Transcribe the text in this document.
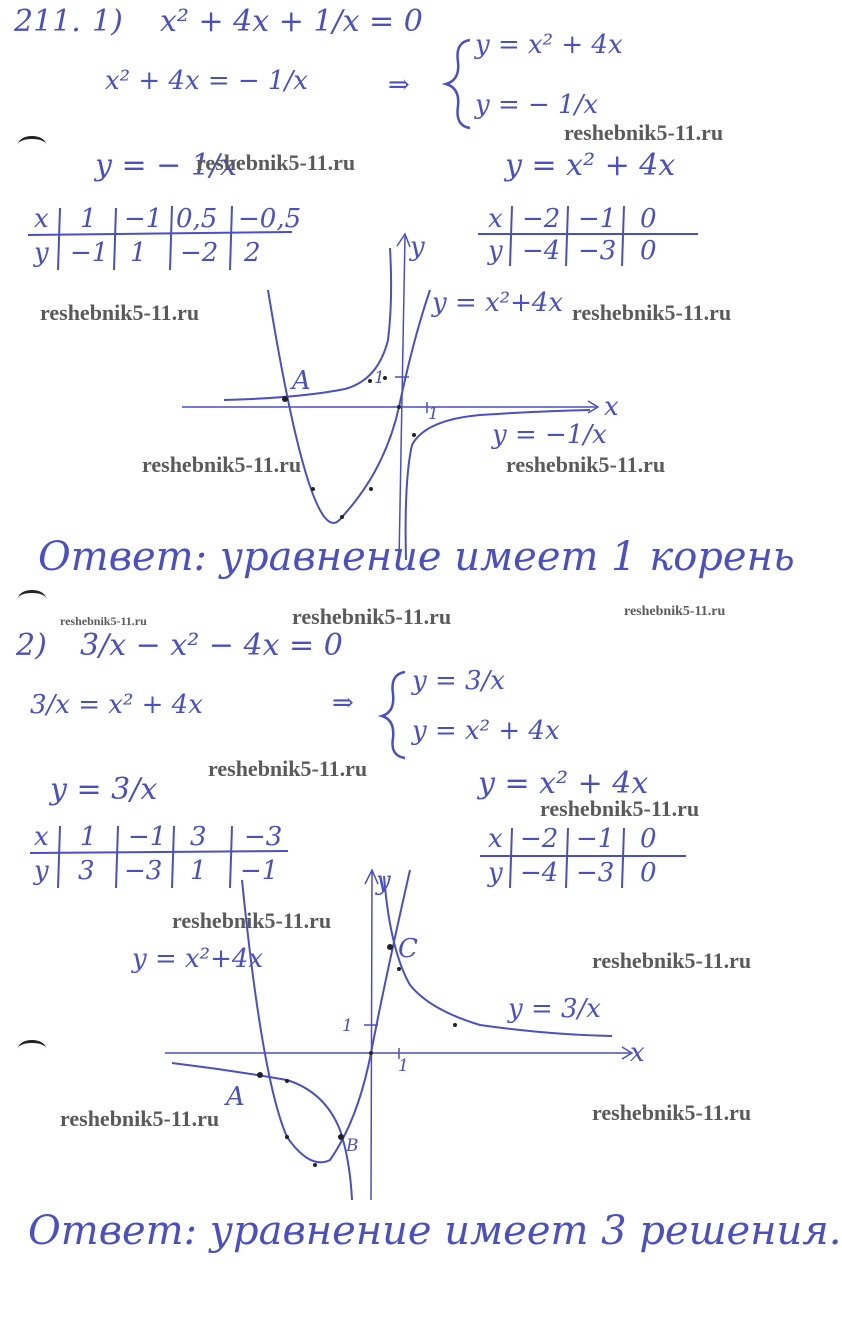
211. 1) x² + 4x + 1/x = 0
x² + 4x = − 1/x	⇒
y = x² + 4x
y = − 1/x
y = − 1/x	y = x² + 4x
x 1 −1 0,5 −0,5
y −1 1 −2 2
x −2 −1 0
y −4 −3 0
y
x
1
1
A
y = x²+4x
y = −1/x
Ответ: уравнение имеет 1 корень
2) 3/x − x² − 4x = 0
3/x = x² + 4x	⇒
y = 3/x
y = x² + 4x
y = 3/x	y = x² + 4x
x 1 −1 3 −3
y 3 −3 1 −1
x −2 −1 0
y −4 −3 0
y
x
1
1
A
B
C
y = x²+4x
y = 3/x
Ответ: уравнение имеет 3 решения.
reshebnik5-11.ru
reshebnik5-11.ru
reshebnik5-11.ru	reshebnik5-11.ru
reshebnik5-11.ru	reshebnik5-11.ru
reshebnik5-11.ru	reshebnik5-11.ru	reshebnik5-11.ru
reshebnik5-11.ru
reshebnik5-11.ru
reshebnik5-11.ru
reshebnik5-11.ru
reshebnik5-11.ru	reshebnik5-11.ru
